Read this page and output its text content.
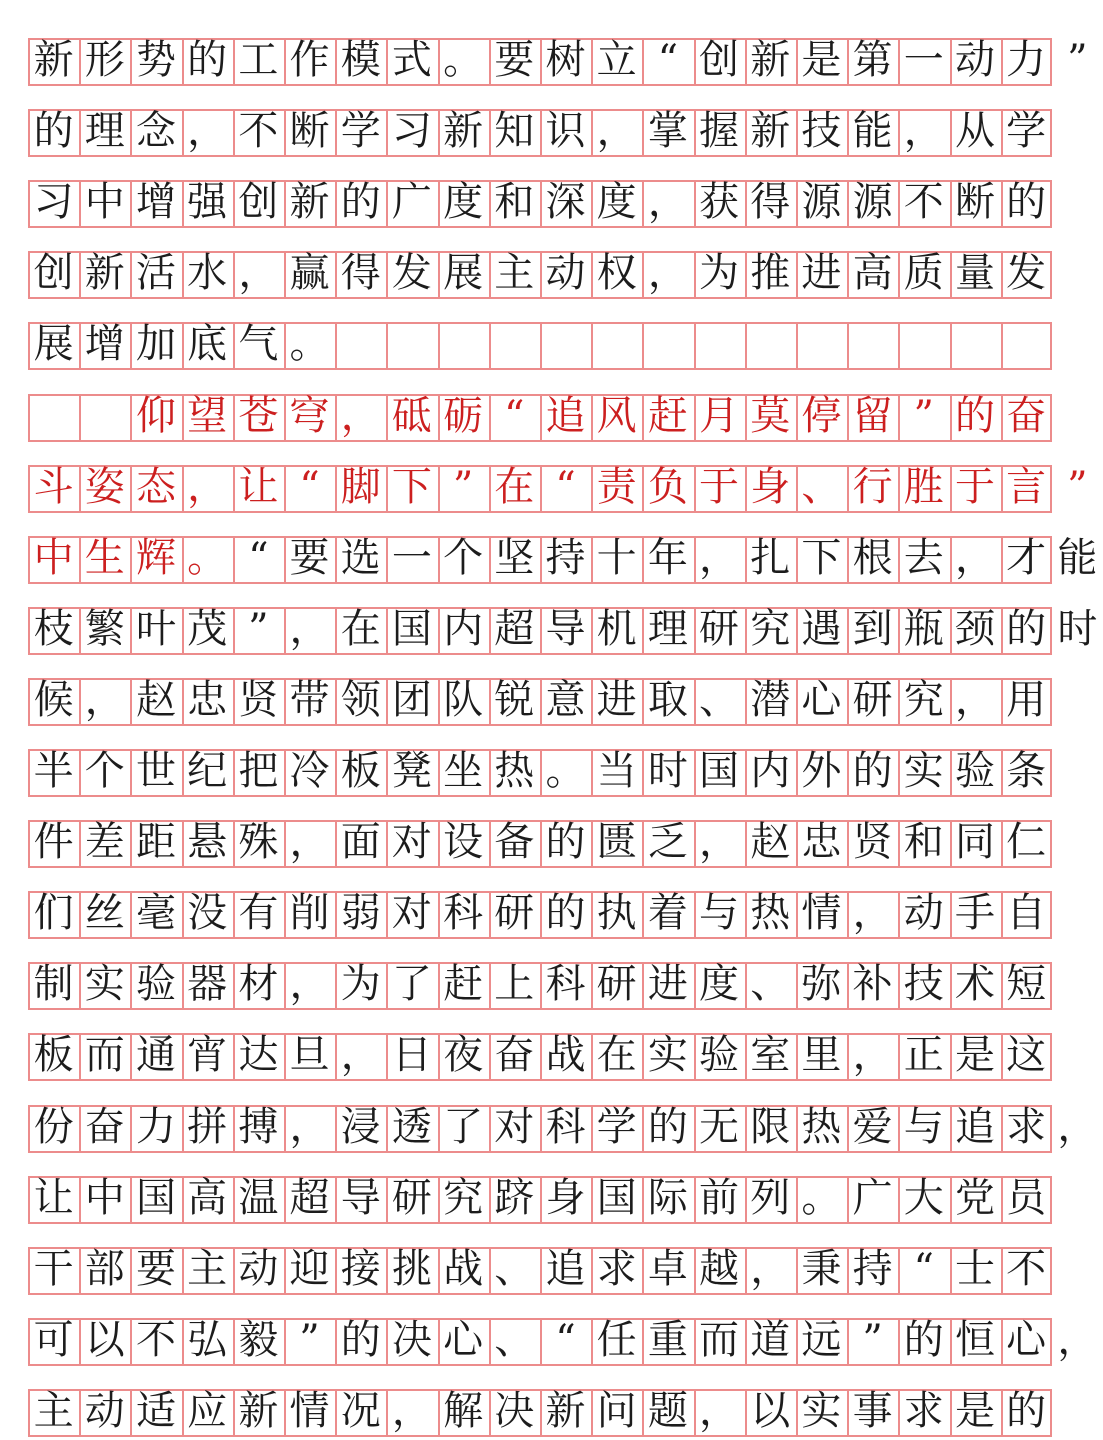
新 形 势 的 工 作 模 式 。 要 树 立 “ 创 新 是 第 一 动 力 ”
的 理 念 ， 不 断 学 习 新 知 识 ， 掌 握 新 技 能 ， 从 学
习 中 增 强 创 新 的 广 度 和 深 度 ， 获 得 源 源 不 断 的
创 新 活 水 ， 赢 得 发 展 主 动 权 ， 为 推 进 高 质 量 发
展 增 加 底 气 。

仰 望 苍 穹 ， 砥 砺 “ 追 风 赶 月 莫 停 留 ” 的 奋
斗 姿 态 ， 让 “ 脚 下 ” 在 “ 责 负 于 身 、 行 胜 于 言 ”
中 生 辉 。 “ 要 选 一 个 坚 持 十 年 ， 扎 下 根 去 ， 才 能
枝 繁 叶 茂 ” ， 在 国 内 超 导 机 理 研 究 遇 到 瓶 颈 的 时
候 ， 赵 忠 贤 带 领 团 队 锐 意 进 取 、 潜 心 研 究 ， 用
半 个 世 纪 把 冷 板 凳 坐 热 。 当 时 国 内 外 的 实 验 条
件 差 距 悬 殊 ， 面 对 设 备 的 匮 乏 ， 赵 忠 贤 和 同 仁
们 丝 毫 没 有 削 弱 对 科 研 的 执 着 与 热 情 ， 动 手 自
制 实 验 器 材 ， 为 了 赶 上 科 研 进 度 、 弥 补 技 术 短
板 而 通 宵 达 旦 ， 日 夜 奋 战 在 实 验 室 里 ， 正 是 这
份 奋 力 拼 搏 ， 浸 透 了 对 科 学 的 无 限 热 爱 与 追 求 ，
让 中 国 高 温 超 导 研 究 跻 身 国 际 前 列 。 广 大 党 员
干 部 要 主 动 迎 接 挑 战 、 追 求 卓 越 ， 秉 持 “ 士 不
可 以 不 弘 毅 ” 的 决 心 、 “ 任 重 而 道 远 ” 的 恒 心 ，
主 动 适 应 新 情 况 ， 解 决 新 问 题 ， 以 实 事 求 是 的
